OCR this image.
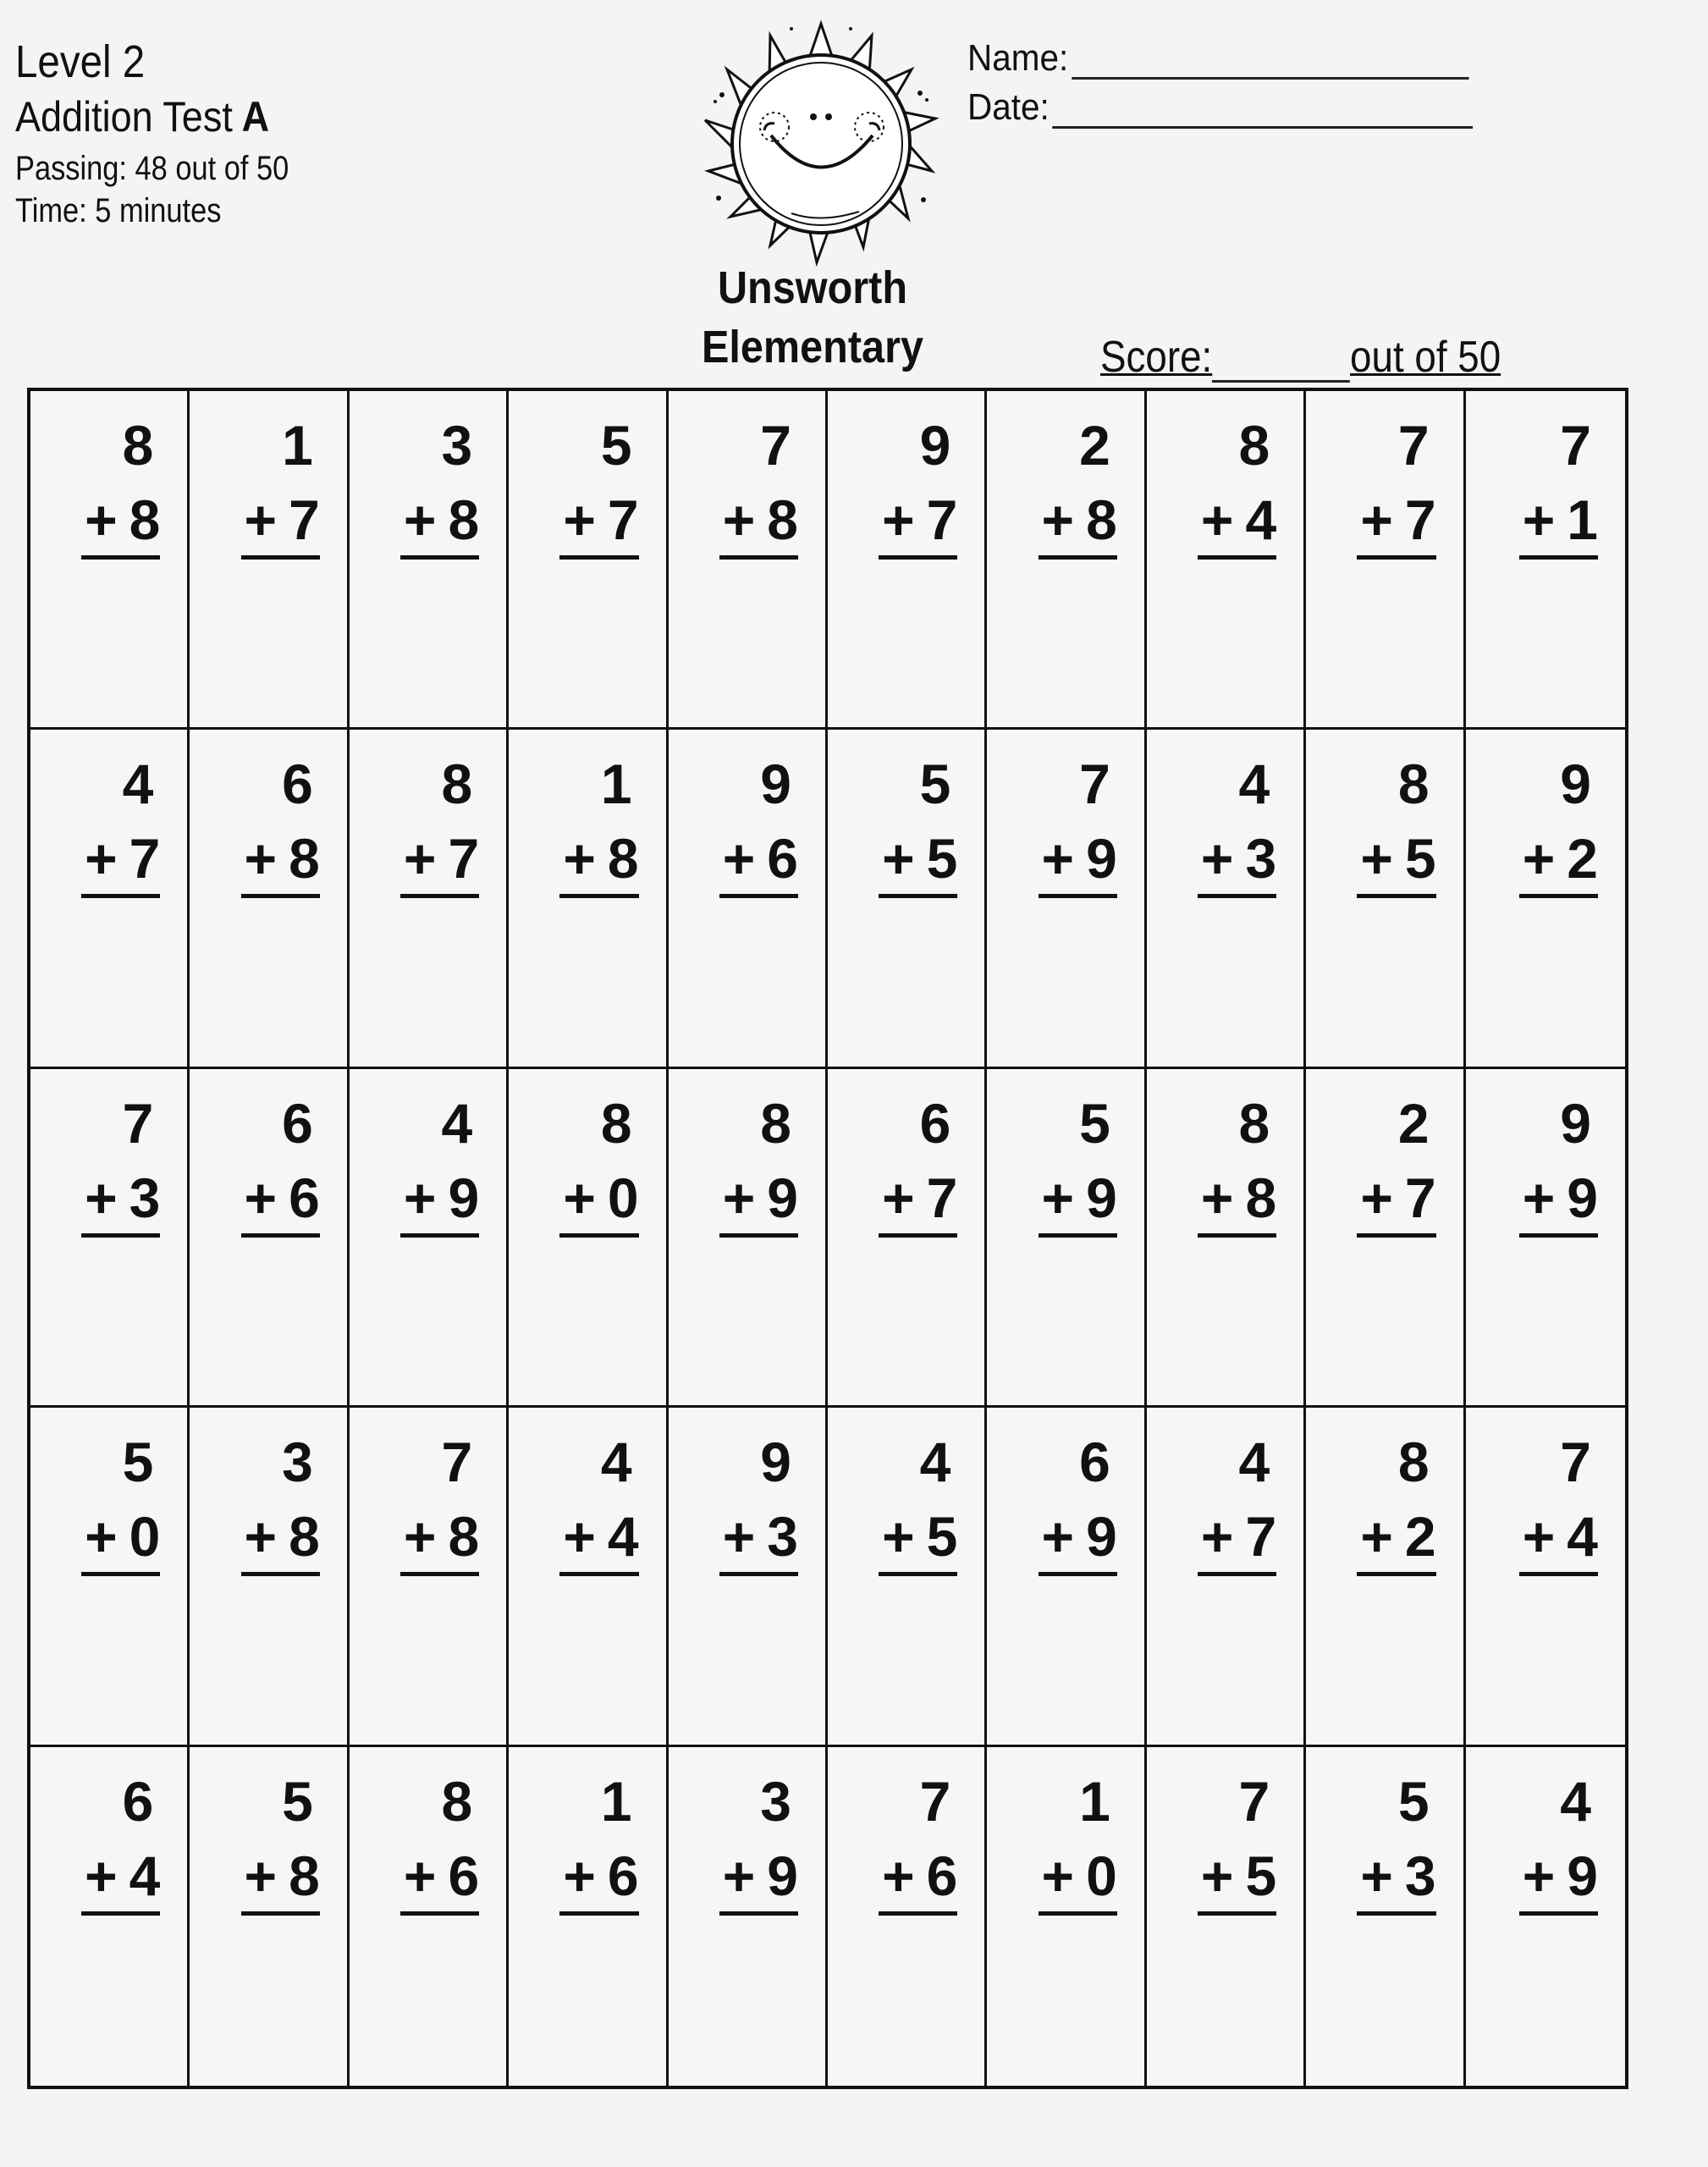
Level 2
Addition Test A
Passing: 48 out of 50
Time: 5 minutes
Name:
Date:
Unsworth Elementary	Score:	out of 50
8
+ 8
1
+ 7
3
+ 8
5
+ 7
7
+ 8
9
+ 7
2
+ 8
8
+ 4
7
+ 7
7
+ 1
4
+ 7
6
+ 8
8
+ 7
1
+ 8
9
+ 6
5
+ 5
7
+ 9
4
+ 3
8
+ 5
9
+ 2
7
+ 3
6
+ 6
4
+ 9
8
+ 0
8
+ 9
6
+ 7
5
+ 9
8
+ 8
2
+ 7
9
+ 9
5
+ 0
3
+ 8
7
+ 8
4
+ 4
9
+ 3
4
+ 5
6
+ 9
4
+ 7
8
+ 2
7
+ 4
6
+ 4
5
+ 8
8
+ 6
1
+ 6
3
+ 9
7
+ 6
1
+ 0
7
+ 5
5
+ 3
4
+ 9
